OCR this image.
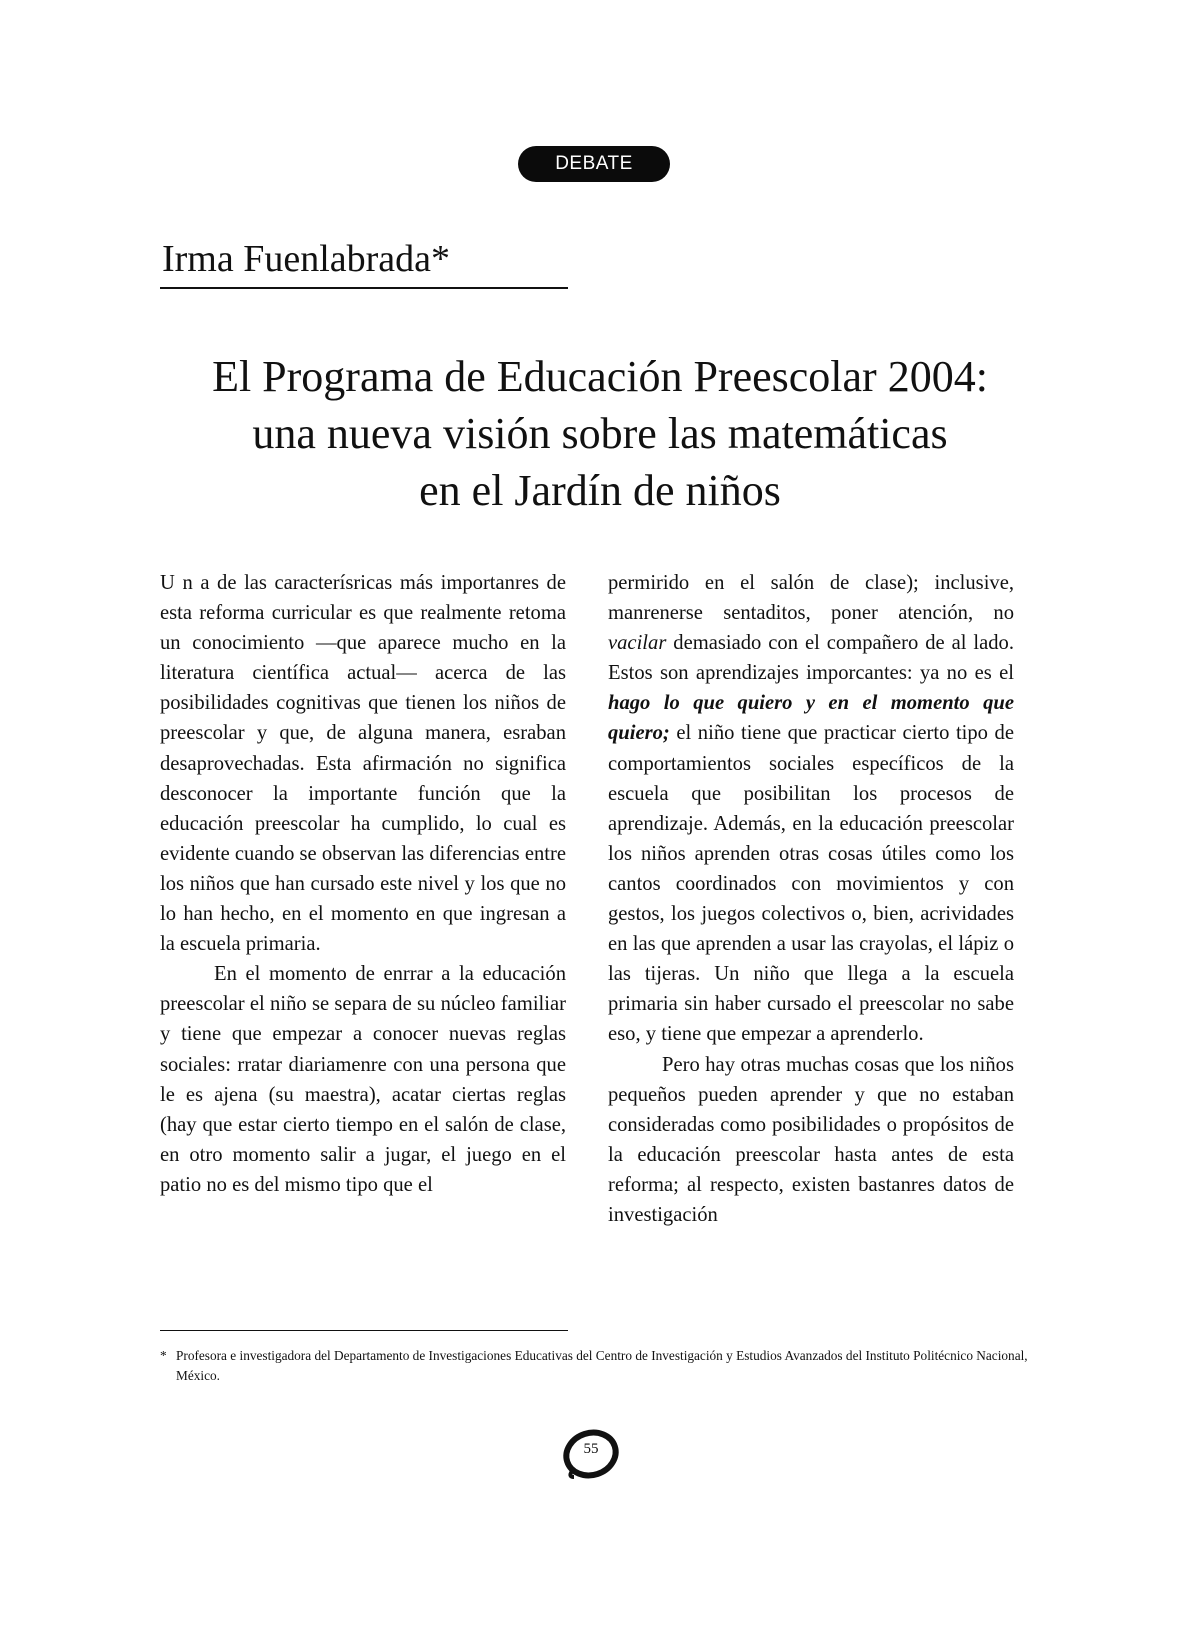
DEBATE
Irma Fuenlabrada*
El Programa de Educación Preescolar 2004:
una nueva visión sobre las matemáticas
en el Jardín de niños

U n a de las caracterísricas más importanres de esta reforma curricular es que realmente retoma un conocimiento —que aparece mucho en la literatura científica actual— acerca de las posibilidades cognitivas que tienen los niños de preescolar y que, de alguna manera, esraban desaprovechadas. Esta afirmación no significa desconocer la importante función que la educación preescolar ha cumplido, lo cual es evidente cuando se observan las diferencias entre los niños que han cursado este nivel y los que no lo han hecho, en el momento en que ingresan a la escuela primaria.

En el momento de enrrar a la educación preescolar el niño se separa de su núcleo familiar y tiene que empezar a conocer nuevas reglas sociales: rratar diariamenre con una persona que le es ajena (su maestra), acatar ciertas reglas (hay que estar cierto tiempo en el salón de clase, en otro momento salir a jugar, el juego en el patio no es del mismo tipo que el

permirido en el salón de clase); inclusive, manrenerse sentaditos, poner atención, no vacilar demasiado con el compañero de al lado. Estos son aprendizajes imporcantes: ya no es el hago lo que quiero y en el momento que quiero; el niño tiene que practicar cierto tipo de comportamientos sociales específicos de la escuela que posibilitan los procesos de aprendizaje. Además, en la educación preescolar los niños aprenden otras cosas útiles como los cantos coordinados con movimientos y con gestos, los juegos colectivos o, bien, acrividades en las que aprenden a usar las crayolas, el lápiz o las tijeras. Un niño que llega a la escuela primaria sin haber cursado el preescolar no sabe eso, y tiene que empezar a aprenderlo.

Pero hay otras muchas cosas que los niños pequeños pueden aprender y que no estaban consideradas como posibilidades o propósitos de la educación preescolar hasta antes de esta reforma; al respecto, existen bastanres datos de investigación

* Profesora e investigadora del Departamento de Investigaciones Educativas del Centro de Investigación y Estudios Avanzados del Instituto Politécnico Nacional, México.

55
